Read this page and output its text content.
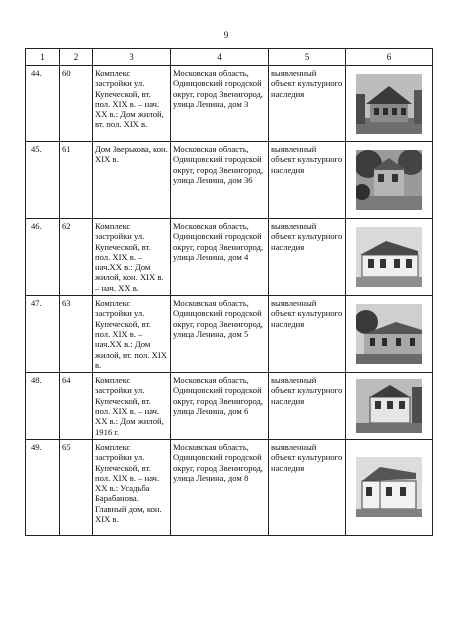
9
1	2	3	4	5	6
44.	60	Комплекс застройки ул. Купеческой, вт. пол. XIX в. – нач. XX в.: Дом жилой, вт. пол. XIX в.	Московская область, Одинцовский городской округ, город Звенигород, улица Ленина, дом 3	выявленный объект культурного наследия	

45.	61	Дом Зверькова, кон. XIX в.	Московская область, Одинцовский городской округ, город Звенигород, улица Ленина, дом 36	выявленный объект культурного наследия	

46.	62	Комплекс застройки ул. Купеческой, вт. пол. XIX в. – нач.XX в.: Дом жилой, кон. XIX в. – нач. XX в.	Московская область, Одинцовский городской округ, город Звенигород, улица Ленина, дом 4	выявленный объект культурного наследия	

47.	63	Комплекс застройки ул. Купеческой, вт. пол. XIX в. – нач.XX в.: Дом жилой, вт. пол. XIX в.	Московская область, Одинцовский городской округ, город Звенигород, улица Ленина, дом 5	выявленный объект культурного наследия	

48.	64	Комплекс застройки ул. Купеческой, вт. пол. XIX в. – нач. XX в.: Дом жилой, 1916 г.	Московская область, Одинцовский городской округ, город Звенигород, улица Ленина, дом 6	выявленный объект культурного наследия	

49.	65	Комплекс застройки ул. Купеческой, вт. пол. XIX в. – нач. XX в.: Усадьба Барабанова. Главный дом, кон. XIX в.	Московская область, Одинцовский городской округ, город Звенигород, улица Ленина, дом 8	выявленный объект культурного наследия	
